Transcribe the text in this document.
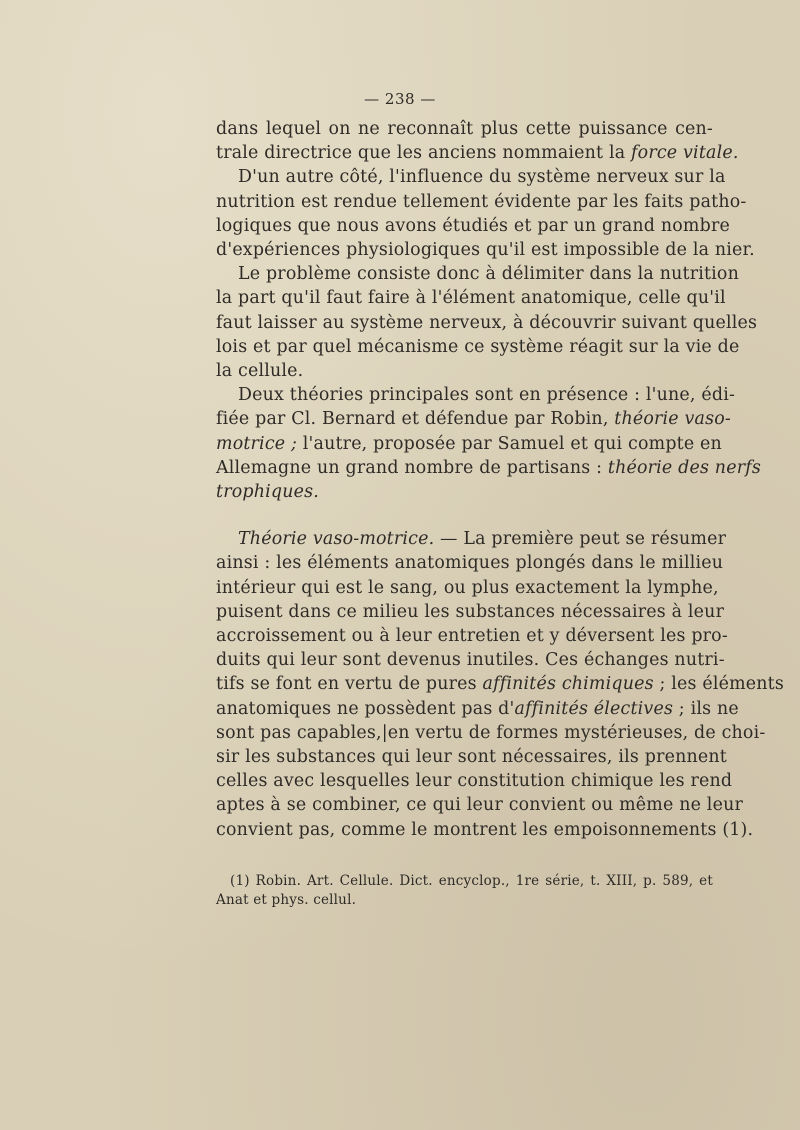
— 238 —
dans lequel on ne reconnaît plus cette puissance cen-
trale directrice que les anciens nommaient la force vitale.
D'un autre côté, l'influence du système nerveux sur la
nutrition est rendue tellement évidente par les faits patho-
logiques que nous avons étudiés et par un grand nombre
d'expériences physiologiques qu'il est impossible de la nier.
Le problème consiste donc à délimiter dans la nutrition
la part qu'il faut faire à l'élément anatomique, celle qu'il
faut laisser au système nerveux, à découvrir suivant quelles
lois et par quel mécanisme ce système réagit sur la vie de
la cellule.
Deux théories principales sont en présence : l'une, édi-
fiée par Cl. Bernard et défendue par Robin, théorie vaso-
motrice ; l'autre, proposée par Samuel et qui compte en
Allemagne un grand nombre de partisans : théorie des nerfs
trophiques.
Théorie vaso-motrice. — La première peut se résumer
ainsi : les éléments anatomiques plongés dans le millieu
intérieur qui est le sang, ou plus exactement la lymphe,
puisent dans ce milieu les substances nécessaires à leur
accroissement ou à leur entretien et y déversent les pro-
duits qui leur sont devenus inutiles. Ces échanges nutri-
tifs se font en vertu de pures affinités chimiques ; les éléments
anatomiques ne possèdent pas d'affinités électives ; ils ne
sont pas capables,|en vertu de formes mystérieuses, de choi-
sir les substances qui leur sont nécessaires, ils prennent
celles avec lesquelles leur constitution chimique les rend
aptes à se combiner, ce qui leur convient ou même ne leur
convient pas, comme le montrent les empoisonnements (1).
(1) Robin. Art. Cellule. Dict. encyclop., 1re série, t. XIII, p. 589, et
Anat et phys. cellul.
